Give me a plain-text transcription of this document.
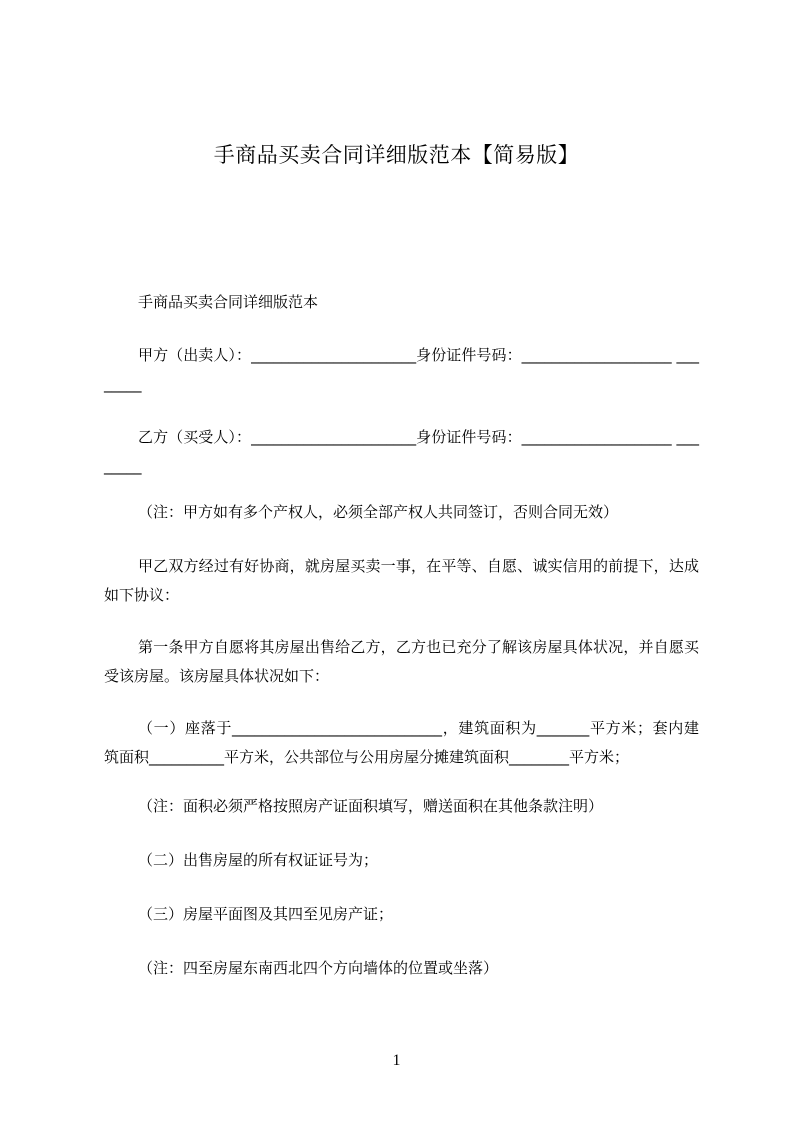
手商品买卖合同详细版范本【简易版】
手商品买卖合同详细版范本
甲方（出卖人）：______________________身份证件号码：____________________ ________
乙方（买受人）：______________________身份证件号码：____________________ ________
（注：甲方如有多个产权人，必须全部产权人共同签订，否则合同无效）
甲乙双方经过有好协商，就房屋买卖一事，在平等、自愿、诚实信用的前提下，达成如下协议：
第一条甲方自愿将其房屋出售给乙方，乙方也已充分了解该房屋具体状况，并自愿买受该房屋。该房屋具体状况如下：
（一）座落于____________________________，建筑面积为_______平方米；套内建筑面积__________平方米，公共部位与公用房屋分摊建筑面积________平方米；
（注：面积必须严格按照房产证面积填写，赠送面积在其他条款注明）
（二）出售房屋的所有权证证号为；
（三）房屋平面图及其四至见房产证；
（注：四至房屋东南西北四个方向墙体的位置或坐落）
1
